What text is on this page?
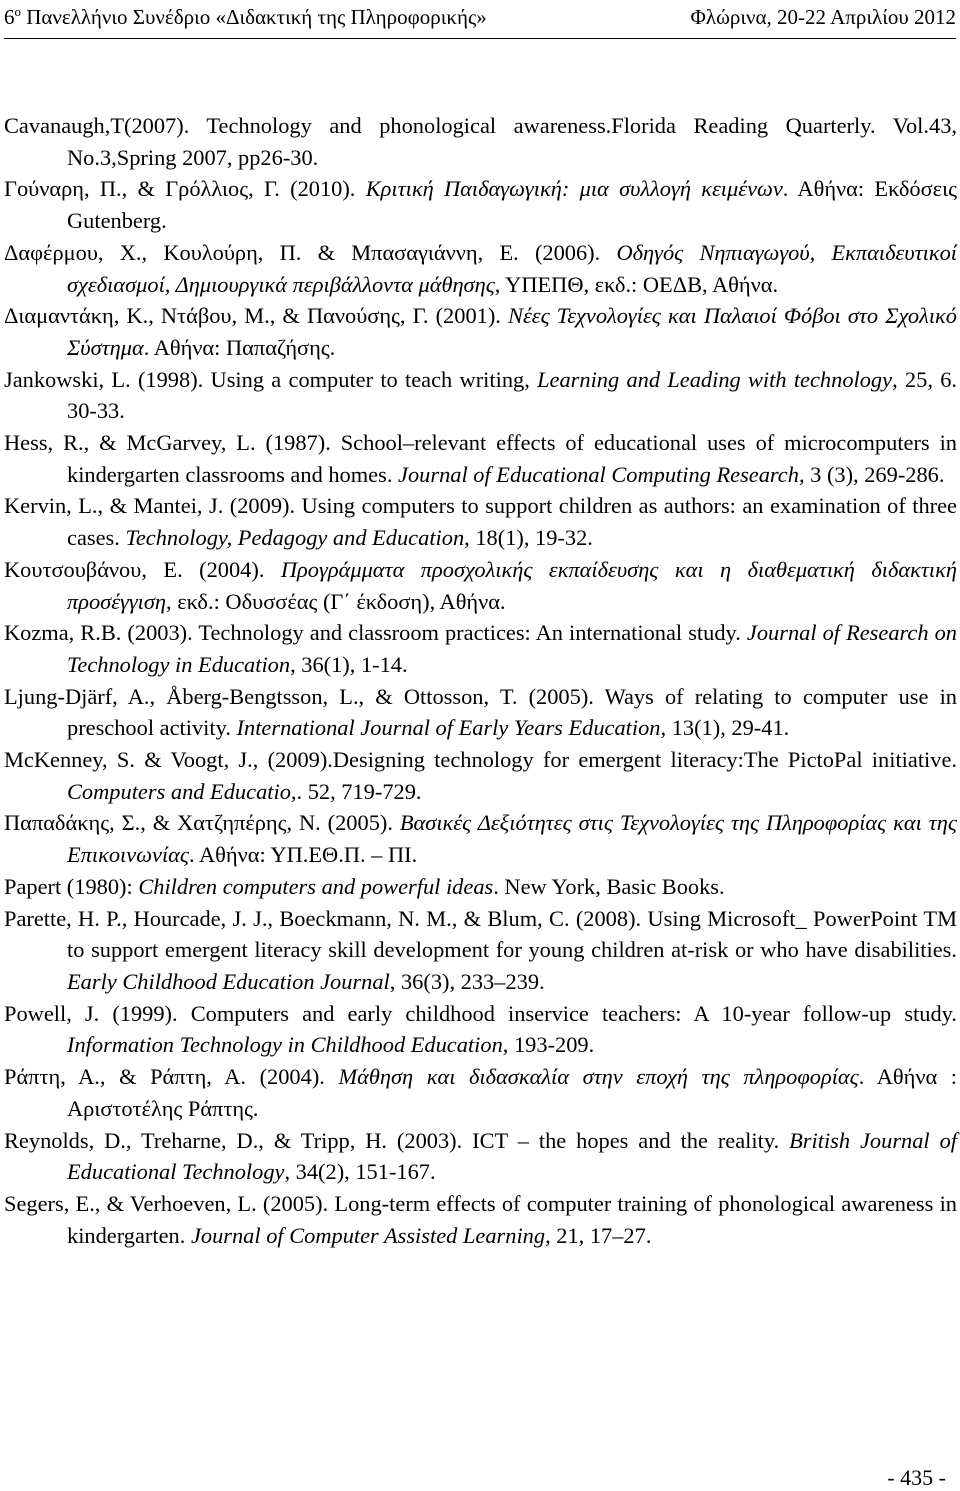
$6^o$ Πανελλήνιο Συνέδριο «Διδακτική της Πληροφορικής»	Φλώρινα, 20-22 Απριλίου 2012
Cavanaugh,T(2007). Technology and phonological awareness.Florida Reading Quarterly. Vol.43, No.3,Spring 2007, pp26-30.
Γούναρη, Π., & Γρόλλιος, Γ. (2010). Κριτική Παιδαγωγική: μια συλλογή κειμένων. Αθήνα: Εκδόσεις Gutenberg.
Δαφέρμου, Χ., Κουλούρη, Π. & Μπασαγιάννη, Ε. (2006). Οδηγός Νηπιαγωγού, Εκπαιδευτικοί σχεδιασμοί, Δημιουργικά περιβάλλοντα μάθησης, ΥΠΕΠΘ, εκδ.: ΟΕΔΒ, Αθήνα.
Διαμαντάκη, Κ., Ντάβου, Μ., & Πανούσης, Γ. (2001). Νέες Τεχνολογίες και Παλαιοί Φόβοι στο Σχολικό Σύστημα. Αθήνα: Παπαζήσης.
Jankowski, L. (1998). Using a computer to teach writing, Learning and Leading with technology, 25, 6. 30-33.
Hess, R., & McGarvey, L. (1987). School–relevant effects of educational uses of microcomputers in kindergarten classrooms and homes. Journal of Educational Computing Research, 3 (3), 269-286.
Kervin, L., & Mantei, J. (2009). Using computers to support children as authors: an examination of three cases. Technology, Pedagogy and Education, 18(1), 19-32.
Κουτσουβάνου, Ε. (2004). Προγράμματα προσχολικής εκπαίδευσης και η διαθεματική διδακτική προσέγγιση, εκδ.: Οδυσσέας (Γ΄ έκδοση), Αθήνα.
Kozma, R.B. (2003). Technology and classroom practices: An international study. Journal of Research on Technology in Education, 36(1), 1-14.
Ljung-Djärf, A., Åberg-Bengtsson, L., & Ottosson, T. (2005). Ways of relating to computer use in preschool activity. International Journal of Early Years Education, 13(1), 29-41.
McKenney, S. & Voogt, J., (2009).Designing technology for emergent literacy:The PictoPal initiative. Computers and Educatio,. 52, 719-729.
Παπαδάκης, Σ., & Χατζηπέρης, Ν. (2005). Βασικές Δεξιότητες στις Τεχνολογίες της Πληροφορίας και της Επικοινωνίας. Αθήνα: ΥΠ.ΕΘ.Π. – ΠΙ.
Papert (1980): Children computers and powerful ideas. New York, Basic Books.
Parette, H. P., Hourcade, J. J., Boeckmann, N. M., & Blum, C. (2008). Using Microsoft_ PowerPoint TM to support emergent literacy skill development for young children at-risk or who have disabilities. Early Childhood Education Journal, 36(3), 233–239.
Powell, J. (1999). Computers and early childhood inservice teachers: A 10-year follow-up study. Information Technology in Childhood Education, 193-209.
Ράπτη, Α., & Ράπτη, Α. (2004). Μάθηση και διδασκαλία στην εποχή της πληροφορίας. Αθήνα : Αριστοτέλης Ράπτης.
Reynolds, D., Treharne, D., & Tripp, H. (2003). ICT – the hopes and the reality. British Journal of Educational Technology, 34(2), 151-167.
Segers, E., & Verhoeven, L. (2005). Long-term effects of computer training of phonological awareness in kindergarten. Journal of Computer Assisted Learning, 21, 17–27.
- 435 -
